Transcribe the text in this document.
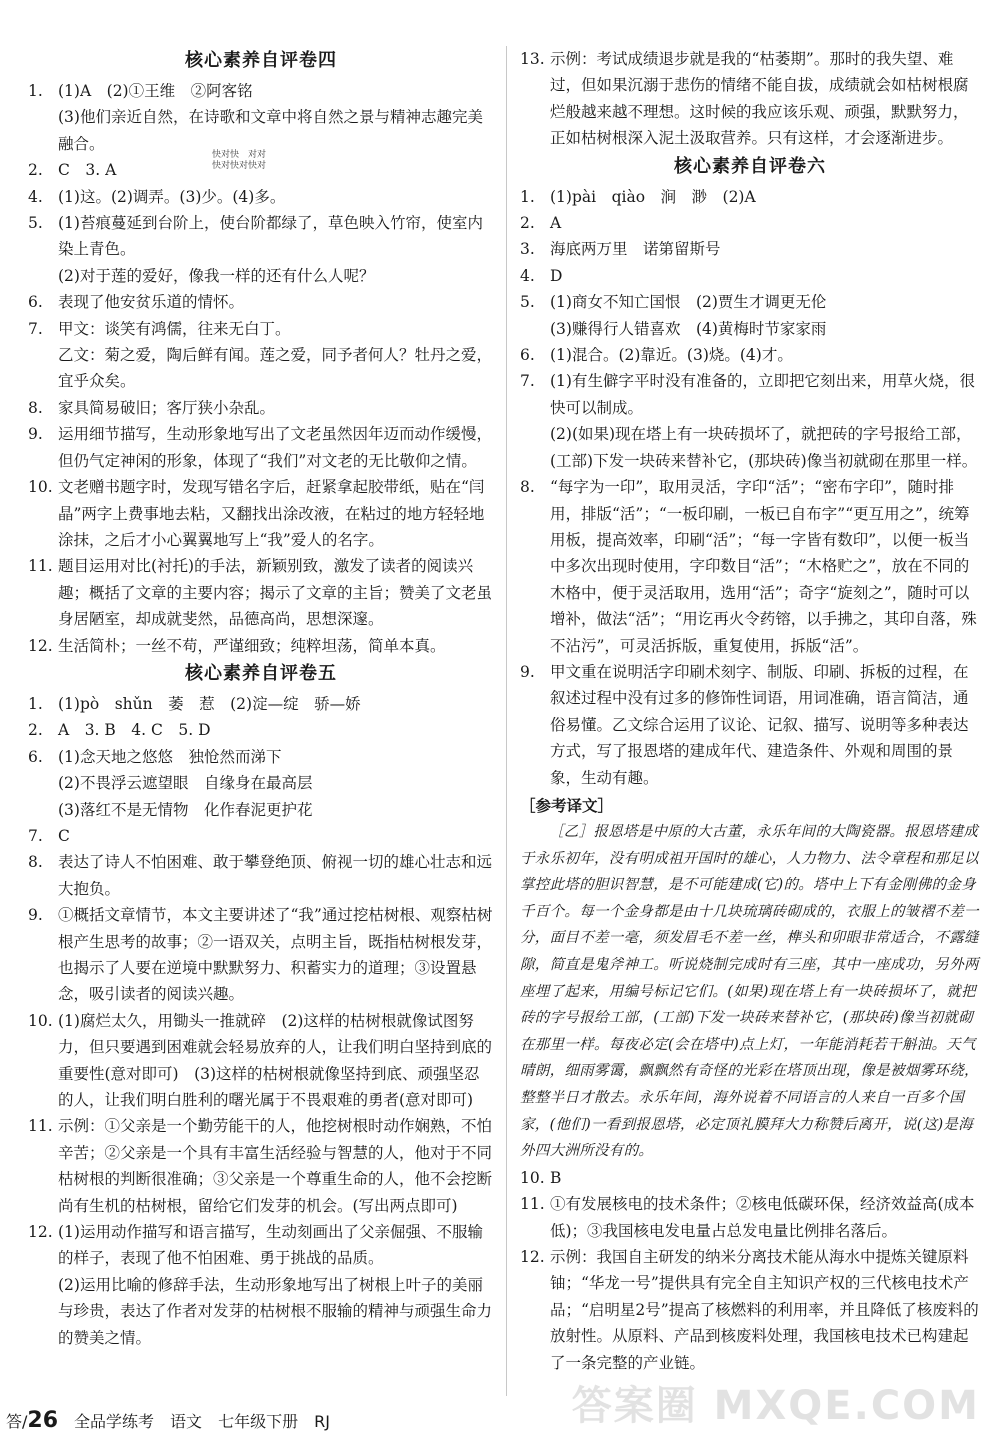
核心素养自评卷四
1. (1)A　(2)①王维　②阿客铭

(3)他们亲近自然，在诗歌和文章中将自然之景与精神志趣完美融合。

2. C　3. A

4. (1)这。(2)调弄。(3)少。(4)多。

5. (1)苔痕蔓延到台阶上，使台阶都绿了，草色映入竹帘，使室内染上青色。

(2)对于莲的爱好，像我一样的还有什么人呢？

6. 表现了他安贫乐道的情怀。

7. 甲文：谈笑有鸿儒，往来无白丁。

乙文：菊之爱，陶后鲜有闻。莲之爱，同予者何人？牡丹之爱，宜乎众矣。

8. 家具简易破旧；客厅狭小杂乱。

9. 运用细节描写，生动形象地写出了文老虽然因年迈而动作缓慢，但仍气定神闲的形象，体现了“我们”对文老的无比敬仰之情。

10. 文老赠书题字时，发现写错名字后，赶紧拿起胶带纸，贴在“闫晶”两字上费事地去粘，又翻找出涂改液，在粘过的地方轻轻地涂抹，之后才小心翼翼地写上“我”爱人的名字。

11. 题目运用对比(衬托)的手法，新颖别致，激发了读者的阅读兴趣；概括了文章的主要内容；揭示了文章的主旨；赞美了文老虽身居陋室，却成就斐然，品德高尚，思想深邃。

12. 生活简朴；一丝不苟，严谨细致；纯粹坦荡，简单本真。

核心素养自评卷五
1. (1)pò　shǔn　萎　惹　(2)淀—绽　骄—娇

2. A　3. B　4. C　5. D

6. (1)念天地之悠悠　独怆然而涕下

(2)不畏浮云遮望眼　自缘身在最高层

(3)落红不是无情物　化作春泥更护花

7. C

8. 表达了诗人不怕困难、敢于攀登绝顶、俯视一切的雄心壮志和远大抱负。

9. ①概括文章情节，本文主要讲述了“我”通过挖枯树根、观察枯树根产生思考的故事；②一语双关，点明主旨，既指枯树根发芽，也揭示了人要在逆境中默默努力、积蓄实力的道理；③设置悬念，吸引读者的阅读兴趣。

10. (1)腐烂太久，用锄头一推就碎　(2)这样的枯树根就像试图努力，但只要遇到困难就会轻易放弃的人，让我们明白坚持到底的重要性(意对即可)　(3)这样的枯树根就像坚持到底、顽强坚忍的人，让我们明白胜利的曙光属于不畏艰难的勇者(意对即可)

11. 示例：①父亲是一个勤劳能干的人，他挖树根时动作娴熟，不怕辛苦；②父亲是一个具有丰富生活经验与智慧的人，他对于不同枯树根的判断很准确；③父亲是一个尊重生命的人，他不会挖断尚有生机的枯树根，留给它们发芽的机会。(写出两点即可)

12. (1)运用动作描写和语言描写，生动刻画出了父亲倔强、不服输的样子，表现了他不怕困难、勇于挑战的品质。

(2)运用比喻的修辞手法，生动形象地写出了树根上叶子的美丽与珍贵，表达了作者对发芽的枯树根不服输的精神与顽强生命力的赞美之情。

13. 示例：考试成绩退步就是我的“枯萎期”。那时的我失望、难过，但如果沉溺于悲伤的情绪不能自拔，成绩就会如枯树根腐烂般越来越不理想。这时候的我应该乐观、顽强，默默努力，正如枯树根深入泥土汲取营养。只有这样，才会逐渐进步。

核心素养自评卷六
1. (1)pài　qiào　涧　渺　(2)A

2. A

3. 海底两万里　诺第留斯号

4. D

5. (1)商女不知亡国恨　(2)贾生才调更无伦

(3)赚得行人错喜欢　(4)黄梅时节家家雨

6. (1)混合。(2)靠近。(3)烧。(4)才。

7. (1)有生僻字平时没有准备的，立即把它刻出来，用草火烧，很快可以制成。

(2)(如果)现在塔上有一块砖损坏了，就把砖的字号报给工部，(工部)下发一块砖来替补它，(那块砖)像当初就砌在那里一样。

8. “每字为一印”，取用灵活，字印“活”；“密布字印”，随时排用，排版“活”；“一板印刷，一板已自布字”“更互用之”，统筹用板，提高效率，印刷“活”；“每一字皆有数印”，以便一板当中多次出现时使用，字印数目“活”；“木格贮之”，放在不同的木格中，便于灵活取用，选用“活”；奇字“旋刻之”，随时可以增补，做法“活”；“用讫再火令药镕，以手拂之，其印自落，殊不沾污”，可灵活拆版，重复使用，拆版“活”。

9. 甲文重在说明活字印刷术刻字、制版、印刷、拆板的过程，在叙述过程中没有过多的修饰性词语，用词准确，语言简洁，通俗易懂。乙文综合运用了议论、记叙、描写、说明等多种表达方式，写了报恩塔的建成年代、建造条件、外观和周围的景象，生动有趣。

［参考译文］

［乙］报恩塔是中原的大古董，永乐年间的大陶瓷器。报恩塔建成于永乐初年，没有明成祖开国时的雄心，人力物力、法令章程和那足以掌控此塔的胆识智慧，是不可能建成(它)的。塔中上下有金刚佛的金身千百个。每一个金身都是由十几块琉璃砖砌成的，衣服上的皱褶不差一分，面目不差一毫，须发眉毛不差一丝，榫头和卯眼非常适合，不露缝隙，简直是鬼斧神工。听说烧制完成时有三座，其中一座成功，另外两座埋了起来，用编号标记它们。(如果)现在塔上有一块砖损坏了，就把砖的字号报给工部，(工部)下发一块砖来替补它，(那块砖)像当初就砌在那里一样。每夜必定(会在塔中)点上灯，一年能消耗若干斛油。天气晴朗，细雨雾霭，飘飘然有奇怪的光彩在塔顶出现，像是被烟雾环绕，整整半日才散去。永乐年间，海外说着不同语言的人来自一百多个国家，(他们)一看到报恩塔，必定顶礼膜拜大力称赞后离开，说(这)是海外四大洲所没有的。

10. B

11. ①有发展核电的技术条件；②核电低碳环保，经济效益高(成本低)；③我国核电发电量占总发电量比例排名落后。

12. 示例：我国自主研发的纳米分离技术能从海水中提炼关键原料铀；“华龙一号”提供具有完全自主知识产权的三代核电技术产品；“启明星2号”提高了核燃料的利用率，并且降低了核废料的放射性。从原料、产品到核废料处理，我国核电技术已构建起了一条完整的产业链。

快对快　对对
快对快对快对
答/26 全品学练考 语文 七年级下册 RJ	答案圈 MXQE.COM
